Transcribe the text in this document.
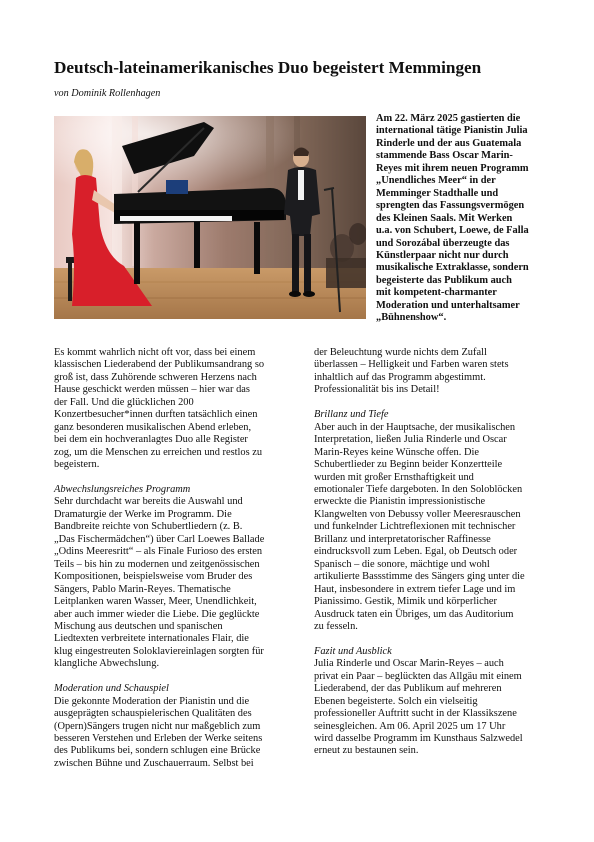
Deutsch-lateinamerikanisches Duo begeistert Memmingen
von Dominik Rollenhagen
Am 22. März 2025 gastierten die
international tätige Pianistin Julia
Rinderle und der aus Guatemala
stammende Bass Oscar Marin-
Reyes mit ihrem neuen Programm
„Unendliches Meer“ in der
Memminger Stadthalle und
sprengten das Fassungsvermögen
des Kleinen Saals. Mit Werken
u.a. von Schubert, Loewe, de Falla
und Sorozábal überzeugte das
Künstlerpaar nicht nur durch
musikalische Extraklasse, sondern
begeisterte das Publikum auch
mit kompetent-charmanter
Moderation und unterhaltsamer
„Bühnenshow“.

Es kommt wahrlich nicht oft vor, dass bei einem

klassischen Liederabend der Publikumsandrang so

groß ist, dass Zuhörende schweren Herzens nach

Hause geschickt werden müssen – hier war das

der Fall. Und die glücklichen 200

Konzertbesucher*innen durften tatsächlich einen

ganz besonderen musikalischen Abend erleben,

bei dem ein hochveranlagtes Duo alle Register

zog, um die Menschen zu erreichen und restlos zu

begeistern.

Abwechslungsreiches Programm

Sehr durchdacht war bereits die Auswahl und

Dramaturgie der Werke im Programm. Die

Bandbreite reichte von Schubertliedern (z. B.

„Das Fischermädchen“) über Carl Loewes Ballade

„Odins Meeresritt“ – als Finale Furioso des ersten

Teils – bis hin zu modernen und zeitgenössischen

Kompositionen, beispielsweise vom Bruder des

Sängers, Pablo Marin-Reyes. Thematische

Leitplanken waren Wasser, Meer, Unendlichkeit,

aber auch immer wieder die Liebe. Die geglückte

Mischung aus deutschen und spanischen

Liedtexten verbreitete internationales Flair, die

klug eingestreuten Soloklaviereinlagen sorgten für

klangliche Abwechslung.

Moderation und Schauspiel

Die gekonnte Moderation der Pianistin und die

ausgeprägten schauspielerischen Qualitäten des

(Opern)Sängers trugen nicht nur maßgeblich zum

besseren Verstehen und Erleben der Werke seitens

des Publikums bei, sondern schlugen eine Brücke

zwischen Bühne und Zuschauerraum. Selbst bei

der Beleuchtung wurde nichts dem Zufall

überlassen – Helligkeit und Farben waren stets

inhaltlich auf das Programm abgestimmt.

Professionalität bis ins Detail!

Brillanz und Tiefe

Aber auch in der Hauptsache, der musikalischen

Interpretation, ließen Julia Rinderle und Oscar

Marin-Reyes keine Wünsche offen. Die

Schubertlieder zu Beginn beider Konzertteile

wurden mit großer Ernsthaftigkeit und

emotionaler Tiefe dargeboten. In den Soloblöcken

erweckte die Pianistin impressionistische

Klangwelten von Debussy voller Meeresrauschen

und funkelnder Lichtreflexionen mit technischer

Brillanz und interpretatorischer Raffinesse

eindrucksvoll zum Leben. Egal, ob Deutsch oder

Spanisch – die sonore, mächtige und wohl

artikulierte Bassstimme des Sängers ging unter die

Haut, insbesondere in extrem tiefer Lage und im

Pianissimo. Gestik, Mimik und körperlicher

Ausdruck taten ein Übriges, um das Auditorium

zu fesseln.

Fazit und Ausblick

Julia Rinderle und Oscar Marin-Reyes – auch

privat ein Paar – beglückten das Allgäu mit einem

Liederabend, der das Publikum auf mehreren

Ebenen begeisterte. Solch ein vielseitig

professioneller Auftritt sucht in der Klassikszene

seinesgleichen. Am 06. April 2025 um 17 Uhr

wird dasselbe Programm im Kunsthaus Salzwedel

erneut zu bestaunen sein.
